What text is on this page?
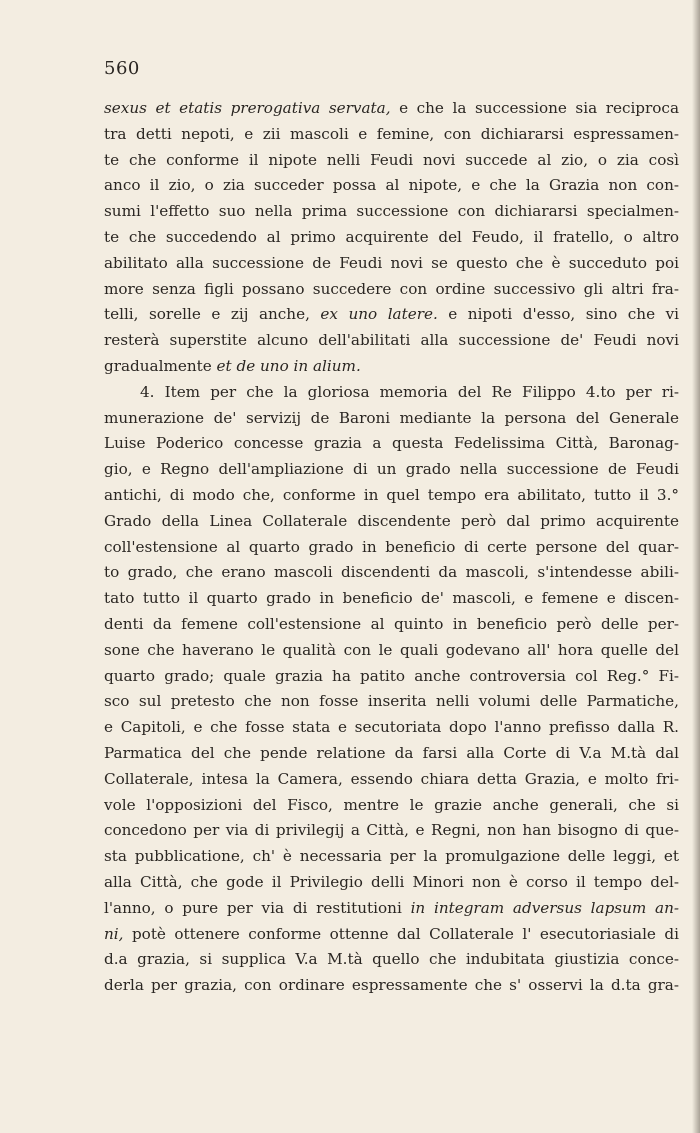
560
sexus et etatis prerogativa servata, e che la successione sia reciproca
tra detti nepoti, e zii mascoli e femine, con dichiararsi espressamen-
te che conforme il nipote nelli Feudi novi succede al zio, o zia così
anco il zio, o zia succeder possa al nipote, e che la Grazia non con-
sumi l'effetto suo nella prima successione con dichiararsi specialmen-
te che succedendo al primo acquirente del Feudo, il fratello, o altro
abilitato alla successione de Feudi novi se questo che è succeduto poi
more senza figli possano succedere con ordine successivo gli altri fra-
telli, sorelle e zij anche, ex uno latere. e nipoti d'esso, sino che vi
resterà superstite alcuno dell'abilitati alla successione de' Feudi novi
gradualmente et de uno in alium.
4. Item per che la gloriosa memoria del Re Filippo 4.to per ri-
munerazione de' servizij de Baroni mediante la persona del Generale
Luise Poderico concesse grazia a questa Fedelissima Città, Baronag-
gio, e Regno dell'ampliazione di un grado nella successione de Feudi
antichi, di modo che, conforme in quel tempo era abilitato, tutto il 3.°
Grado della Linea Collaterale discendente però dal primo acquirente
coll'estensione al quarto grado in beneficio di certe persone del quar-
to grado, che erano mascoli discendenti da mascoli, s'intendesse abili-
tato tutto il quarto grado in beneficio de' mascoli, e femene e discen-
denti da femene coll'estensione al quinto in beneficio però delle per-
sone che haverano le qualità con le quali godevano all' hora quelle del
quarto grado; quale grazia ha patito anche controversia col Reg.° Fi-
sco sul pretesto che non fosse inserita nelli volumi delle Parmatiche,
e Capitoli, e che fosse stata e secutoriata dopo l'anno prefisso dalla R.
Parmatica del che pende relatione da farsi alla Corte di V.a M.tà dal
Collaterale, intesa la Camera, essendo chiara detta Grazia, e molto fri-
vole l'opposizioni del Fisco, mentre le grazie anche generali, che si
concedono per via di privilegij a Città, e Regni, non han bisogno di que-
sta pubblicatione, ch' è necessaria per la promulgazione delle leggi, et
alla Città, che gode il Privilegio delli Minori non è corso il tempo del-
l'anno, o pure per via di restitutioni in integram adversus lapsum an-
ni, potè ottenere conforme ottenne dal Collaterale l' esecutoriasiale di
d.a grazia, si supplica V.a M.tà quello che indubitata giustizia conce-
derla per grazia, con ordinare espressamente che s' osservi la d.ta gra-
